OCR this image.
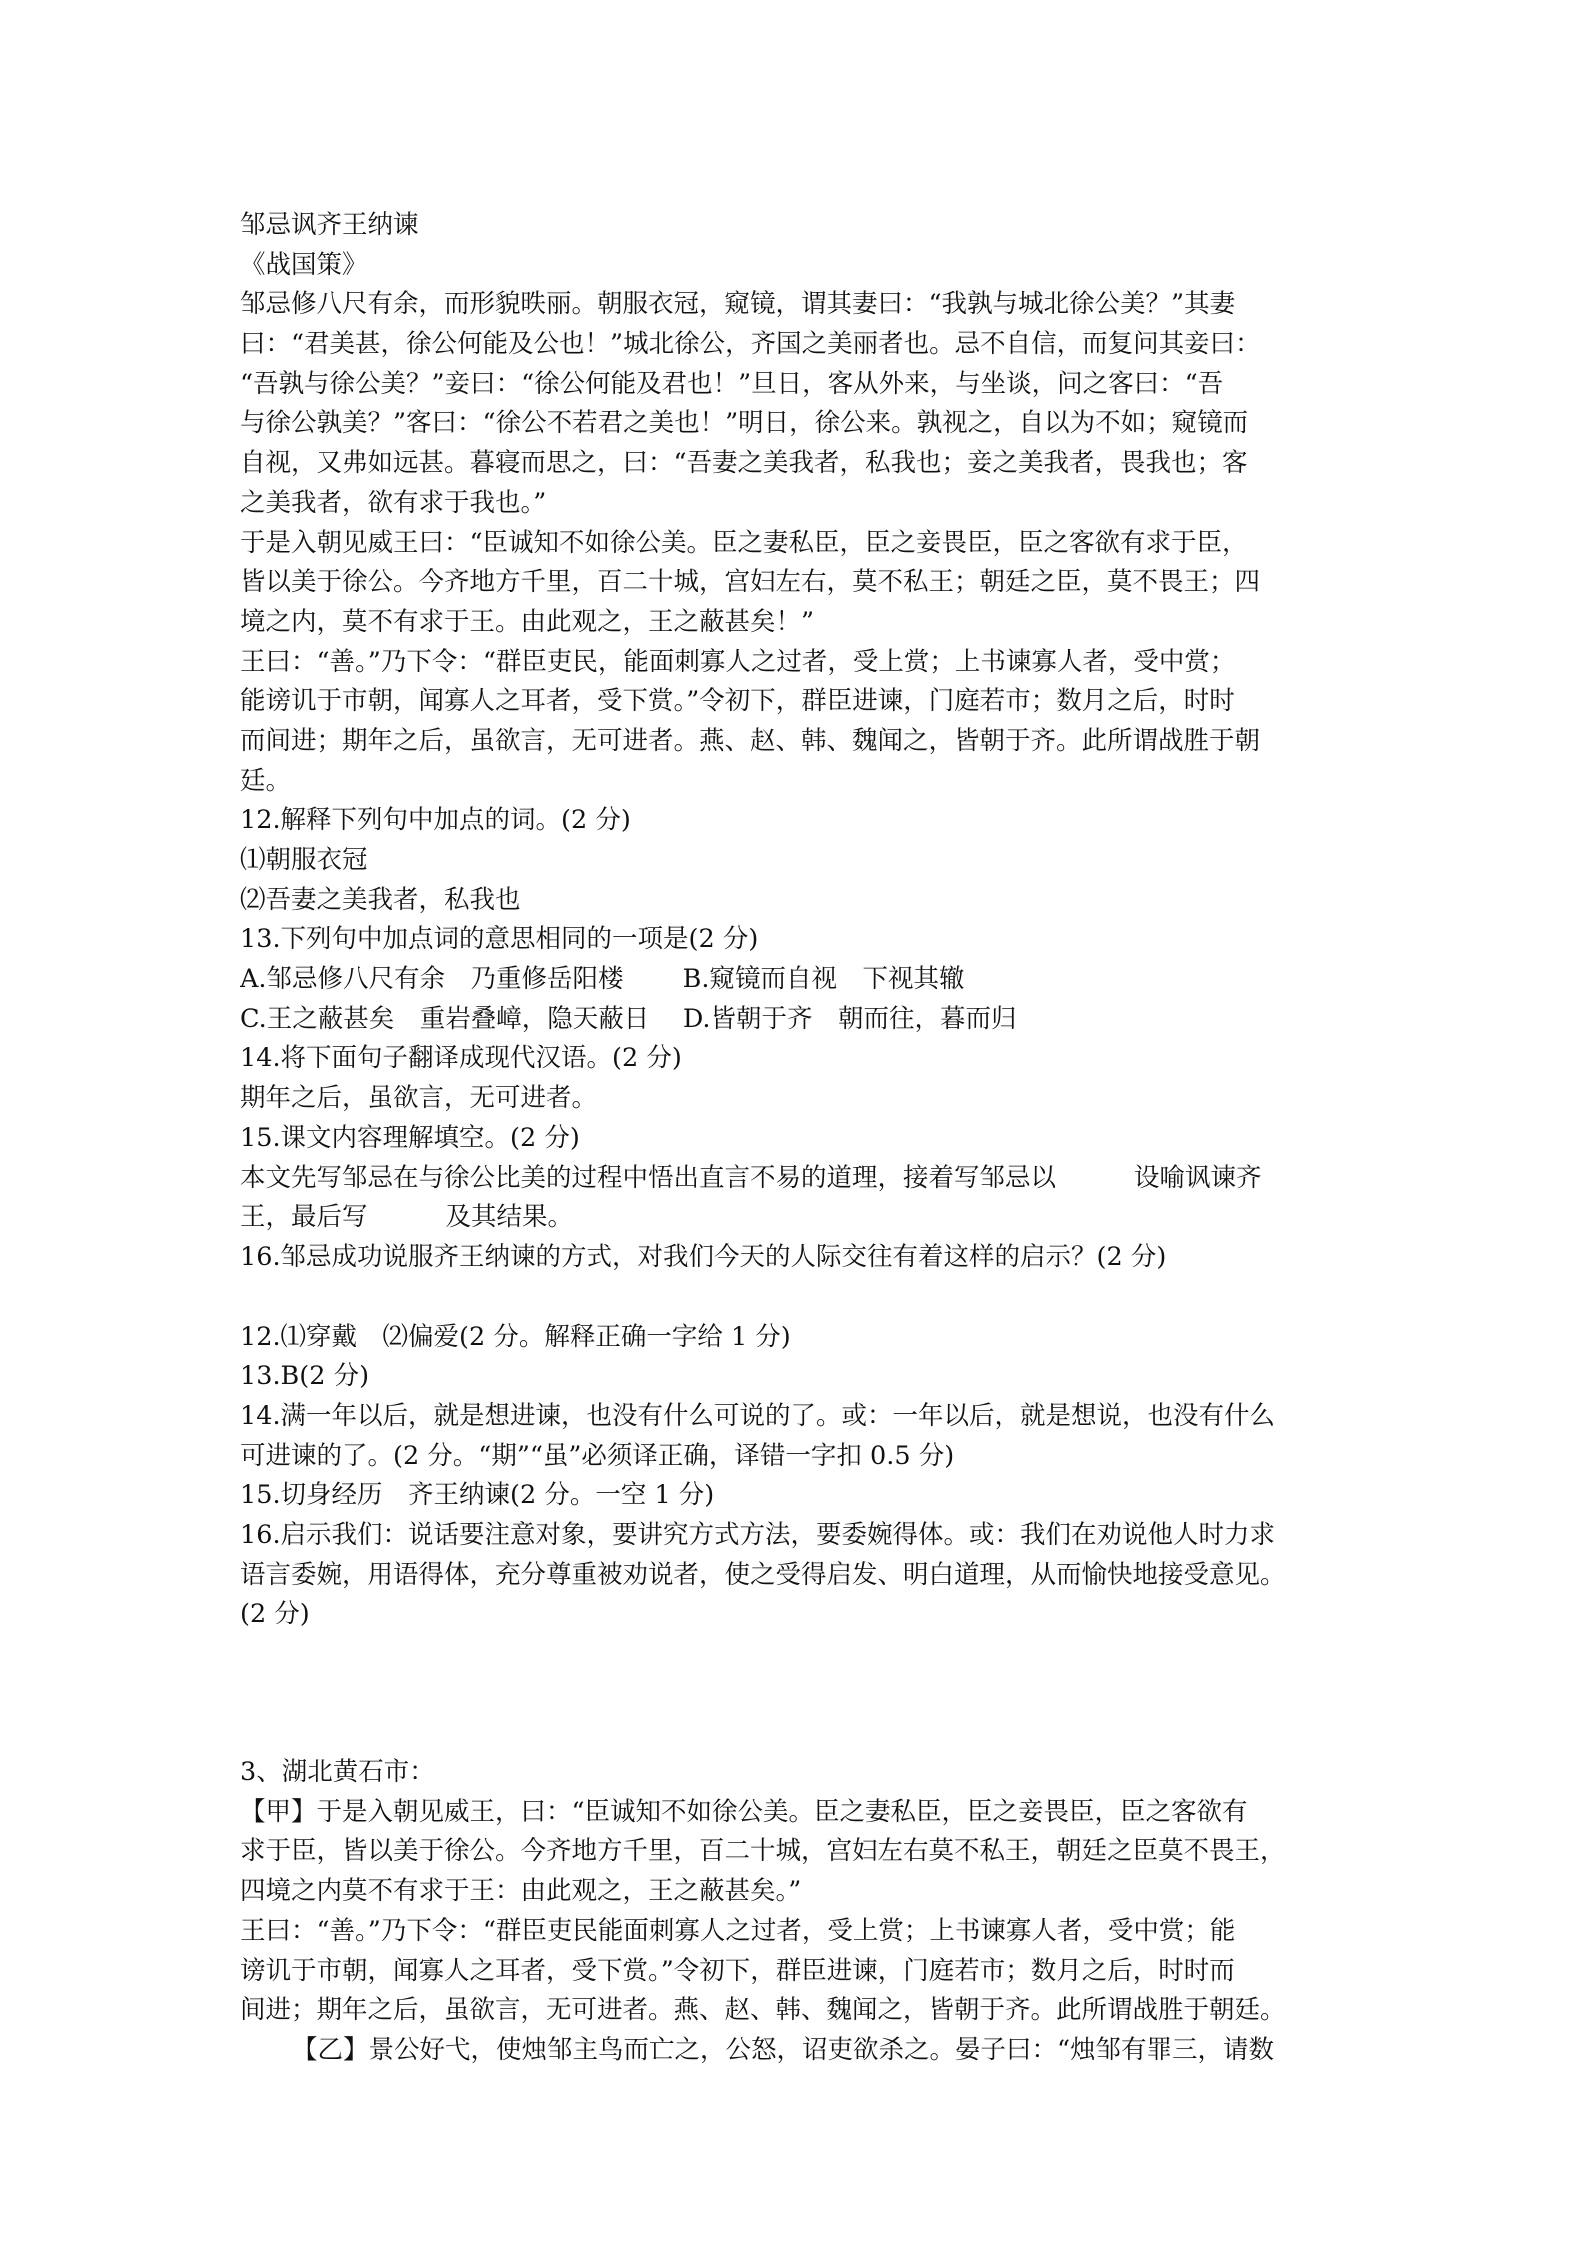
邹忌讽齐王纳谏
《战国策》
邹忌修八尺有余，而形貌昳丽。朝服衣冠，窥镜，谓其妻曰：“我孰与城北徐公美？”其妻
曰：“君美甚，徐公何能及公也！”城北徐公，齐国之美丽者也。忌不自信，而复问其妾曰：
“吾孰与徐公美？”妾曰：“徐公何能及君也！”旦日，客从外来，与坐谈，问之客曰：“吾
与徐公孰美？”客曰：“徐公不若君之美也！”明日，徐公来。孰视之，自以为不如；窥镜而
自视，又弗如远甚。暮寝而思之，曰：“吾妻之美我者，私我也；妾之美我者，畏我也；客
之美我者，欲有求于我也。”
于是入朝见威王曰：“臣诚知不如徐公美。臣之妻私臣，臣之妾畏臣，臣之客欲有求于臣，
皆以美于徐公。今齐地方千里，百二十城，宫妇左右，莫不私王；朝廷之臣，莫不畏王；四
境之内，莫不有求于王。由此观之，王之蔽甚矣！”
王曰：“善。”乃下令：“群臣吏民，能面刺寡人之过者，受上赏；上书谏寡人者，受中赏；
能谤讥于市朝，闻寡人之耳者，受下赏。”令初下，群臣进谏，门庭若市；数月之后，时时
而间进；期年之后，虽欲言，无可进者。燕、赵、韩、魏闻之，皆朝于齐。此所谓战胜于朝
廷。
12.解释下列句中加点的词。(2 分)
⑴朝服衣冠
⑵吾妻之美我者，私我也
13.下列句中加点词的意思相同的一项是(2 分)
A.邹忌修八尺有余　乃重修岳阳楼　　 B.窥镜而自视　下视其辙
C.王之蔽甚矣　重岩叠嶂，隐天蔽日　 D.皆朝于齐　朝而往，暮而归
14.将下面句子翻译成现代汉语。(2 分)
期年之后，虽欲言，无可进者。
15.课文内容理解填空。(2 分)
本文先写邹忌在与徐公比美的过程中悟出直言不易的道理，接着写邹忌以	设喻讽谏齐
王，最后写	及其结果。
16.邹忌成功说服齐王纳谏的方式，对我们今天的人际交往有着这样的启示？(2 分)
12.⑴穿戴　⑵偏爱(2 分。解释正确一字给 1 分)
13.B(2 分)
14.满一年以后，就是想进谏，也没有什么可说的了。或：一年以后，就是想说，也没有什么
可进谏的了。(2 分。“期”“虽”必须译正确，译错一字扣 0.5 分)
15.切身经历　齐王纳谏(2 分。一空 1 分)
16.启示我们：说话要注意对象，要讲究方式方法，要委婉得体。或：我们在劝说他人时力求
语言委婉，用语得体，充分尊重被劝说者，使之受得启发、明白道理，从而愉快地接受意见。
(2 分)
3、湖北黄石市：
【甲】于是入朝见威王，曰：“臣诚知不如徐公美。臣之妻私臣，臣之妾畏臣，臣之客欲有
求于臣，皆以美于徐公。今齐地方千里，百二十城，宫妇左右莫不私王，朝廷之臣莫不畏王，
四境之内莫不有求于王：由此观之，王之蔽甚矣。”
王曰：“善。”乃下令：“群臣吏民能面刺寡人之过者，受上赏；上书谏寡人者，受中赏；能
谤讥于市朝，闻寡人之耳者，受下赏。”令初下，群臣进谏，门庭若市；数月之后，时时而
间进；期年之后，虽欲言，无可进者。燕、赵、韩、魏闻之，皆朝于齐。此所谓战胜于朝廷。
【乙】景公好弋，使烛邹主鸟而亡之，公怒，诏吏欲杀之。晏子曰：“烛邹有罪三，请数
